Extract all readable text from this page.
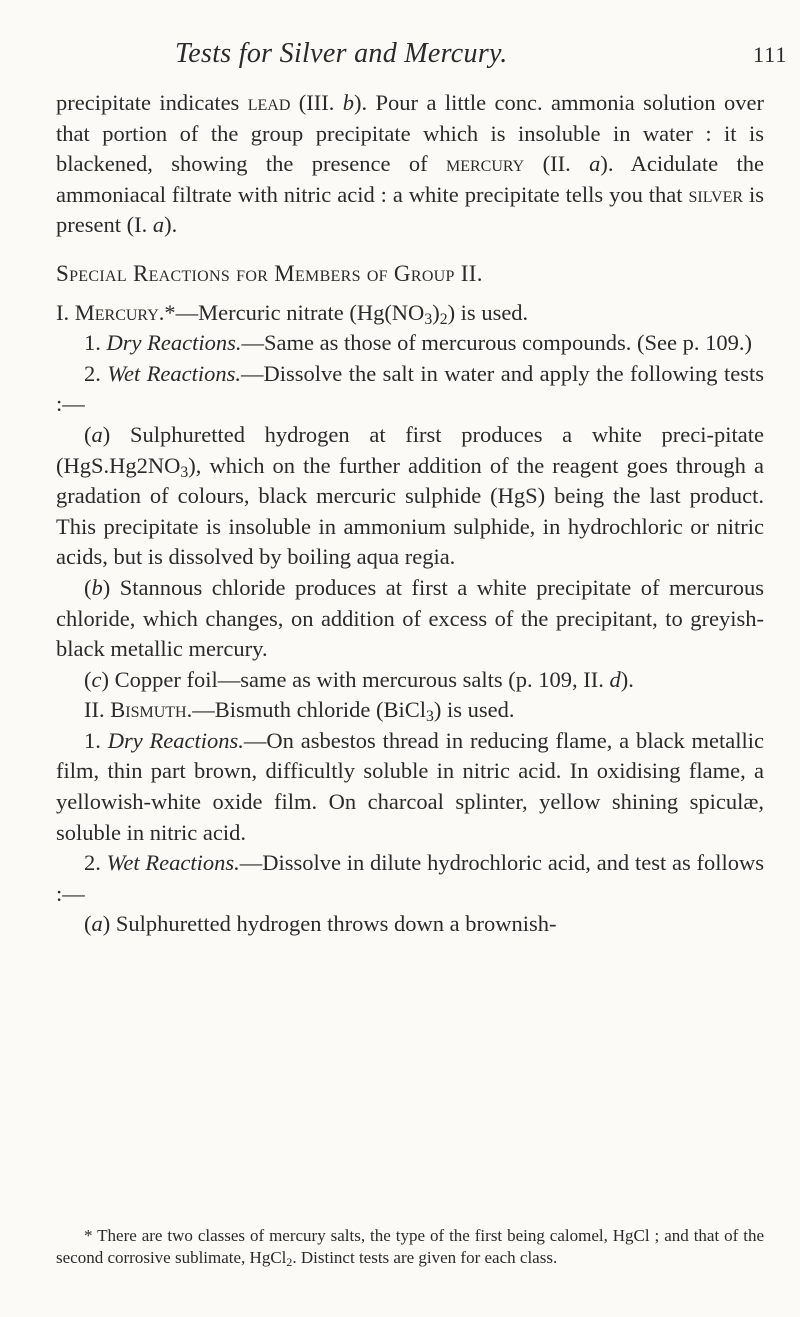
Tests for Silver and Mercury.	111

precipitate indicates lead (III. b). Pour a little conc. ammonia solution over that portion of the group precipitate which is insoluble in water : it is blackened, showing the presence of mercury (II. a). Acidulate the ammoniacal filtrate with nitric acid : a white precipitate tells you that silver is present (I. a).

Special Reactions for Members of Group II.

I. Mercury.*—Mercuric nitrate $(Hg(NO_3)_2)$ is used.

1. Dry Reactions.—Same as those of mercurous compounds. (See p. 109.)

2. Wet Reactions.—Dissolve the salt in water and apply the following tests :—

(a) Sulphuretted hydrogen at first produces a white preci-pitate $(HgS.Hg2NO_3)$, which on the further addition of the reagent goes through a gradation of colours, black mercuric sulphide (HgS) being the last product. This precipitate is insoluble in ammonium sulphide, in hydrochloric or nitric acids, but is dissolved by boiling aqua regia.

(b) Stannous chloride produces at first a white precipitate of mercurous chloride, which changes, on addition of excess of the precipitant, to greyish-black metallic mercury.

(c) Copper foil—same as with mercurous salts (p. 109, II. d).

II. Bismuth.—Bismuth chloride (BiCl$_3$) is used.

1. Dry Reactions.—On asbestos thread in reducing flame, a black metallic film, thin part brown, difficultly soluble in nitric acid. In oxidising flame, a yellowish-white oxide film. On charcoal splinter, yellow shining spiculæ, soluble in nitric acid.

2. Wet Reactions.—Dissolve in dilute hydrochloric acid, and test as follows :—

(a) Sulphuretted hydrogen throws down a brownish-

* There are two classes of mercury salts, the type of the first being calomel, HgCl ; and that of the second corrosive sublimate, HgCl$_2$. Distinct tests are given for each class.
